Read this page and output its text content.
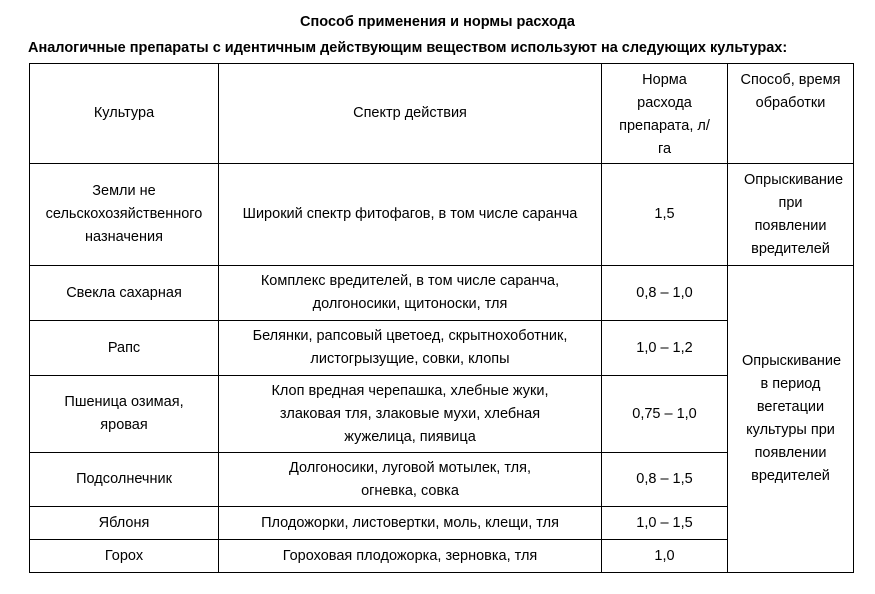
Способ применения и нормы расхода
Аналогичные препараты с идентичным действующим веществом используют на следующих культурах:
Культура	Спектр действия	Норма расхода препарата, л/га	Способ, время обработки

Земли не сельскохозяйственного назначения	Широкий спектр фитофагов, в том числе саранча	1,5	Опрыскивание при появлении вредителей

Свекла сахарная	Комплекс вредителей, в том числе саранча, долгоносики, щитоноски, тля	0,8 – 1,0	Опрыскивание в период вегетации культуры при появлении вредителей

Рапс	Белянки, рапсовый цветоед, скрытнохоботник, листогрызущие, совки, клопы	1,0 – 1,2	

Пшеница озимая, яровая	Клоп вредная черепашка, хлебные жуки, злаковая тля, злаковые мухи, хлебная жужелица, пиявица	0,75 – 1,0	
Подсолнечник	Долгоносики, луговой мотылек, тля, огневка, совка	0,8 – 1,5	
Яблоня	Плодожорки, листовертки, моль, клещи, тля	1,0 – 1,5	
Горох	Гороховая плодожорка, зерновка, тля	1,0	
